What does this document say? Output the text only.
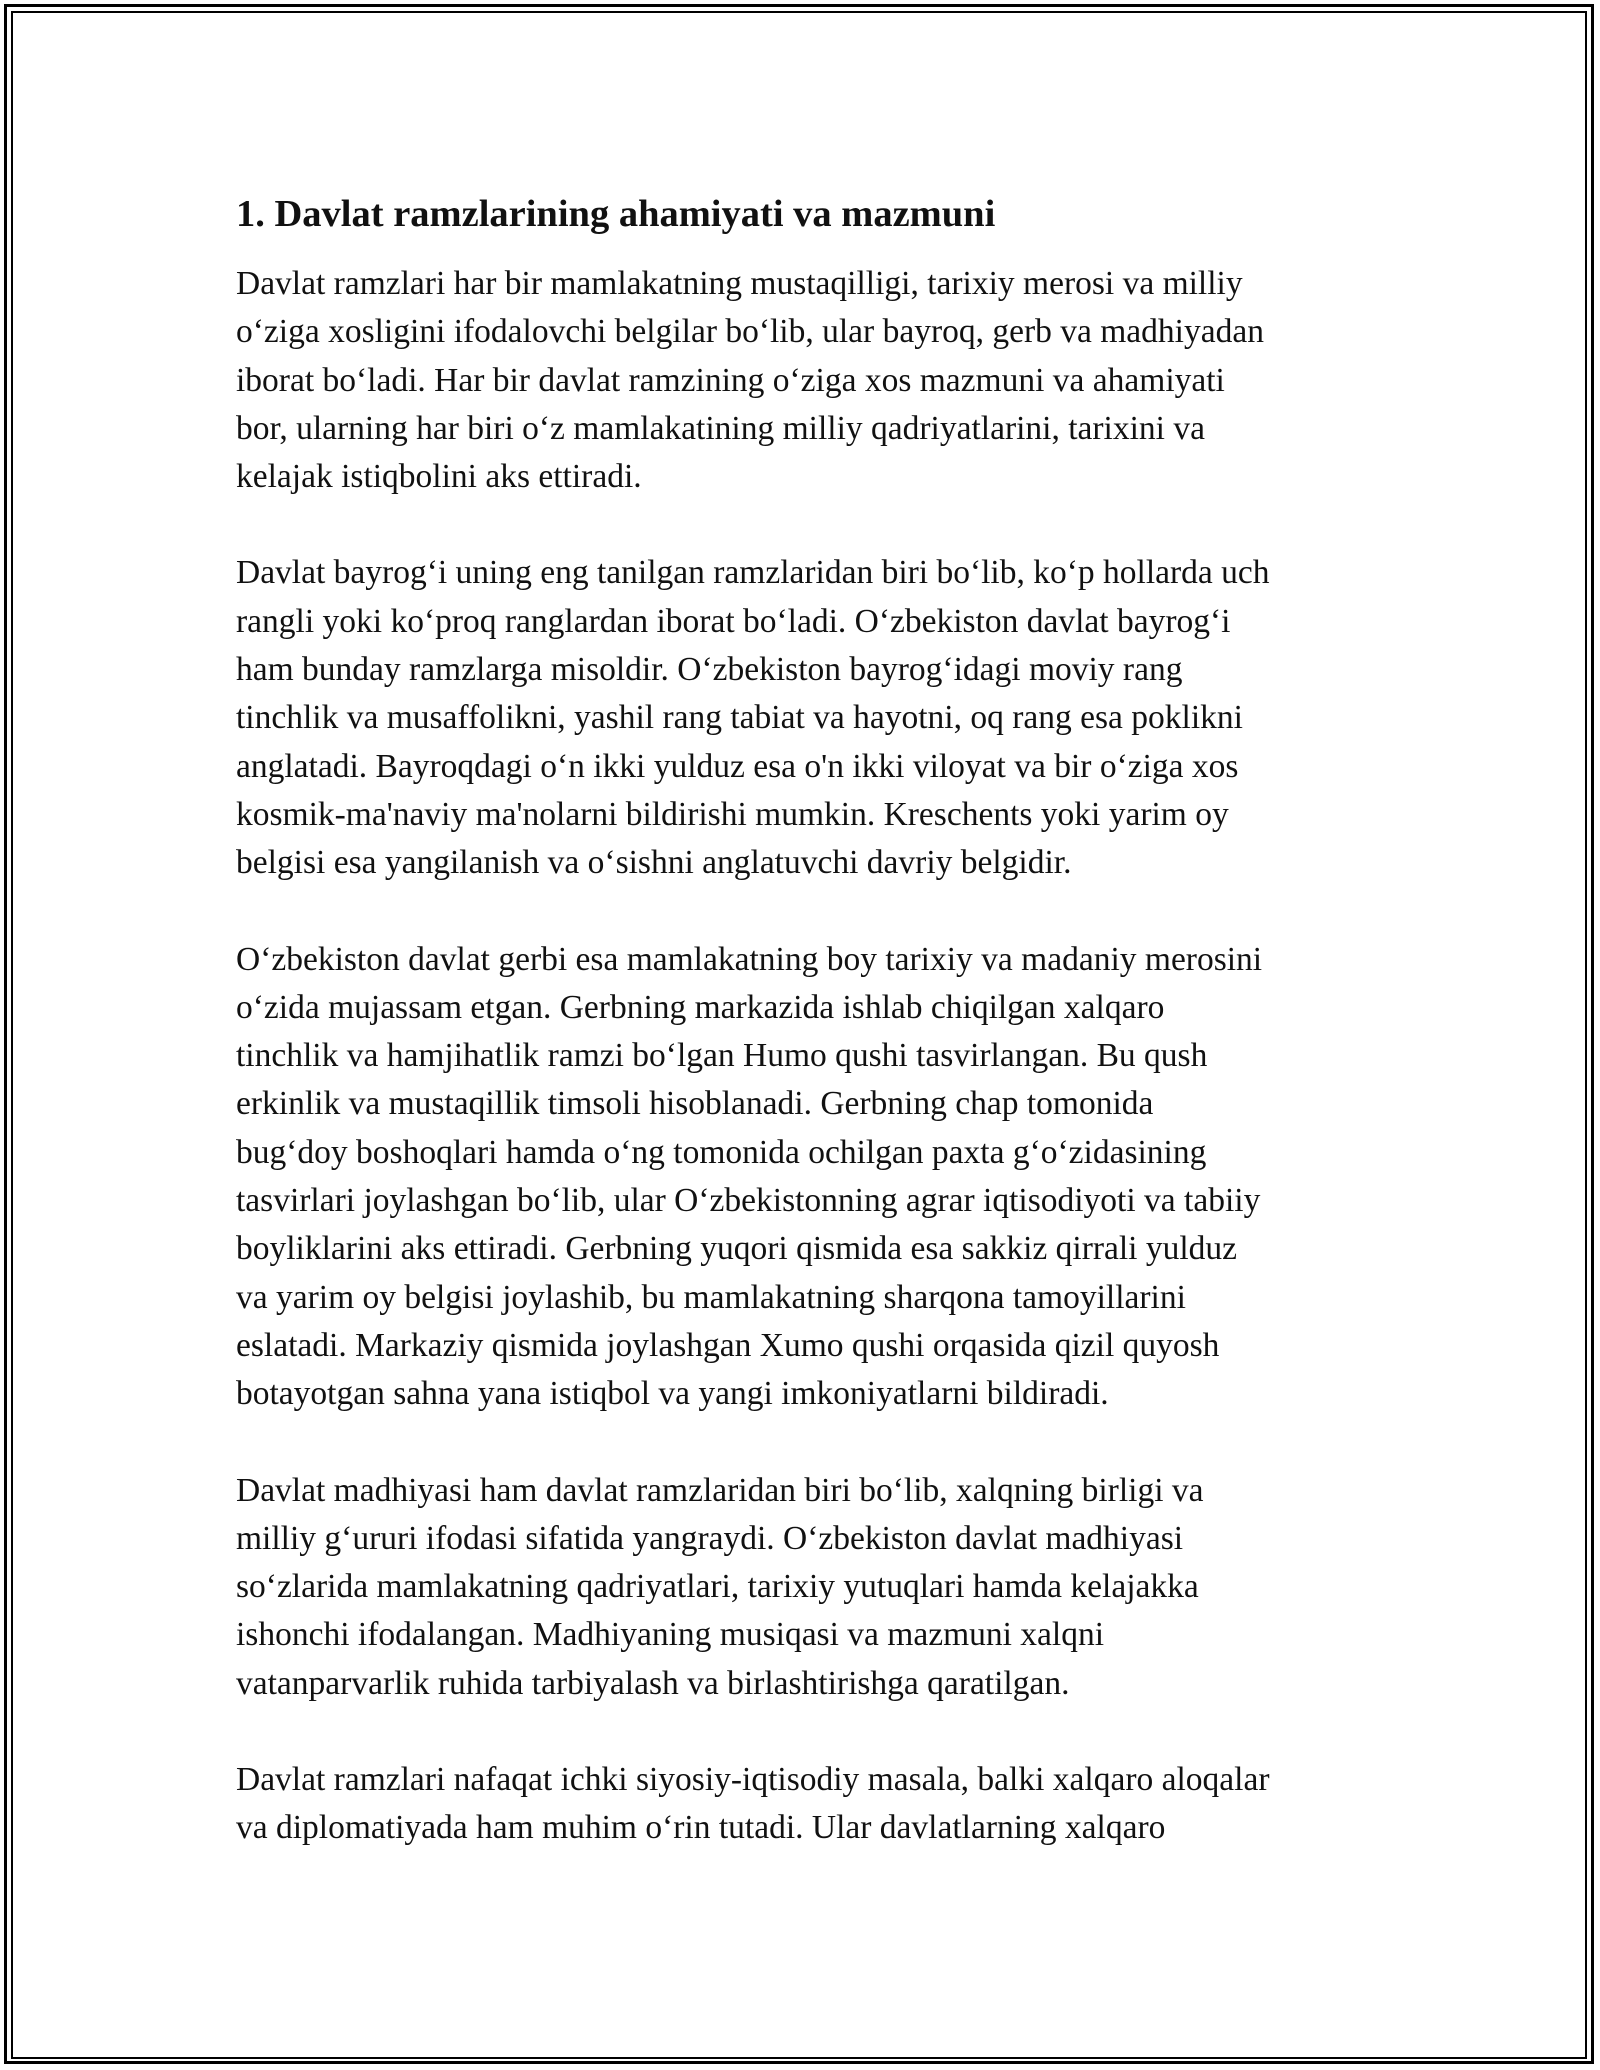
1. Davlat ramzlarining ahamiyati va mazmuni

Davlat ramzlari har bir mamlakatning mustaqilligi, tarixiy merosi va milliy
o‘ziga xosligini ifodalovchi belgilar bo‘lib, ular bayroq, gerb va madhiyadan
iborat bo‘ladi. Har bir davlat ramzining o‘ziga xos mazmuni va ahamiyati
bor, ularning har biri o‘z mamlakatining milliy qadriyatlarini, tarixini va
kelajak istiqbolini aks ettiradi.

Davlat bayrog‘i uning eng tanilgan ramzlaridan biri bo‘lib, ko‘p hollarda uch
rangli yoki ko‘proq ranglardan iborat bo‘ladi. O‘zbekiston davlat bayrog‘i
ham bunday ramzlarga misoldir. O‘zbekiston bayrog‘idagi moviy rang
tinchlik va musaffolikni, yashil rang tabiat va hayotni, oq rang esa poklikni
anglatadi. Bayroqdagi o‘n ikki yulduz esa o'n ikki viloyat va bir o‘ziga xos
kosmik-ma'naviy ma'nolarni bildirishi mumkin. Kreschents yoki yarim oy
belgisi esa yangilanish va o‘sishni anglatuvchi davriy belgidir.

O‘zbekiston davlat gerbi esa mamlakatning boy tarixiy va madaniy merosini
o‘zida mujassam etgan. Gerbning markazida ishlab chiqilgan xalqaro
tinchlik va hamjihatlik ramzi bo‘lgan Humo qushi tasvirlangan. Bu qush
erkinlik va mustaqillik timsoli hisoblanadi. Gerbning chap tomonida
bug‘doy boshoqlari hamda o‘ng tomonida ochilgan paxta g‘o‘zidasining
tasvirlari joylashgan bo‘lib, ular O‘zbekistonning agrar iqtisodiyoti va tabiiy
boyliklarini aks ettiradi. Gerbning yuqori qismida esa sakkiz qirrali yulduz
va yarim oy belgisi joylashib, bu mamlakatning sharqona tamoyillarini
eslatadi. Markaziy qismida joylashgan Xumo qushi orqasida qizil quyosh
botayotgan sahna yana istiqbol va yangi imkoniyatlarni bildiradi.

Davlat madhiyasi ham davlat ramzlaridan biri bo‘lib, xalqning birligi va
milliy g‘ururi ifodasi sifatida yangraydi. O‘zbekiston davlat madhiyasi
so‘zlarida mamlakatning qadriyatlari, tarixiy yutuqlari hamda kelajakka
ishonchi ifodalangan. Madhiyaning musiqasi va mazmuni xalqni
vatanparvarlik ruhida tarbiyalash va birlashtirishga qaratilgan.

Davlat ramzlari nafaqat ichki siyosiy-iqtisodiy masala, balki xalqaro aloqalar
va diplomatiyada ham muhim o‘rin tutadi. Ular davlatlarning xalqaro
